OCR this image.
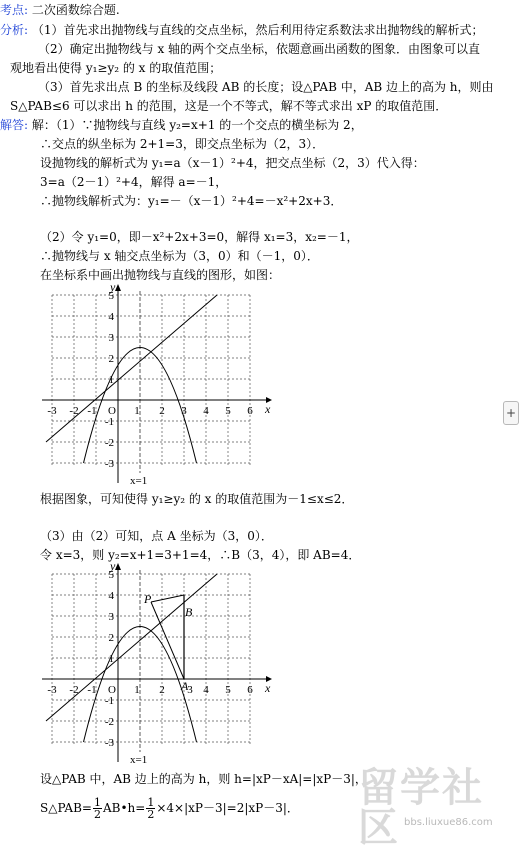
考点: 二次函数综合题.
分析: （1）首先求出抛物线与直线的交点坐标，然后利用待定系数法求出抛物线的解析式；
（2）确定出抛物线与 x 轴的两个交点坐标，依题意画出函数的图象．由图象可以直
观地看出使得 y₁≥y₂ 的 x 的取值范围；
（3）首先求出点 B 的坐标及线段 AB 的长度；设△PAB 中，AB 边上的高为 h，则由
S△PAB≤6 可以求出 h 的范围，这是一个不等式，解不等式求出 xP 的取值范围．
解答: 解：（1）∵抛物线与直线 y₂=x+1 的一个交点的横坐标为 2，
∴交点的纵坐标为 2+1=3，即交点坐标为（2，3）．
设抛物线的解析式为 y₁=a（x－1）²+4，把交点坐标（2，3）代入得：
3=a（2－1）²+4，解得 a=－1，
∴抛物线解析式为：y₁=－（x－1）²+4=－x²+2x+3．
（2）令 y₁=0，即－x²+2x+3=0，解得 x₁=3，x₂=－1，
∴抛物线与 x 轴交点坐标为（3，0）和（－1，0）．
在坐标系中画出抛物线与直线的图形，如图：
y
x
-3 -2 -1 O 1 2 3 4 5 6
5
4
3
2
1
-1
-2
-3
x=1
根据图象，可知使得 y₁≥y₂ 的 x 的取值范围为－1≤x≤2．
（3）由（2）可知，点 A 坐标为（3，0）．
令 x=3，则 y₂=x+1=3+1=4，∴B（3，4），即 AB=4．
P
B
A
y
x
-3 -2 -1 O 1 2 3 4 5 6
5
4
3
2
1
-1
-2
-3
x=1
设△PAB 中，AB 边上的高为 h，则 h=|xP－xA|=|xP－3|，
S△PAB= $\frac{1}{2}$ AB•h= $\frac{1}{2} \times 4\times|xP-3|=2|xP-3|$．
+
留学社区 bbs.liuxue86.com
